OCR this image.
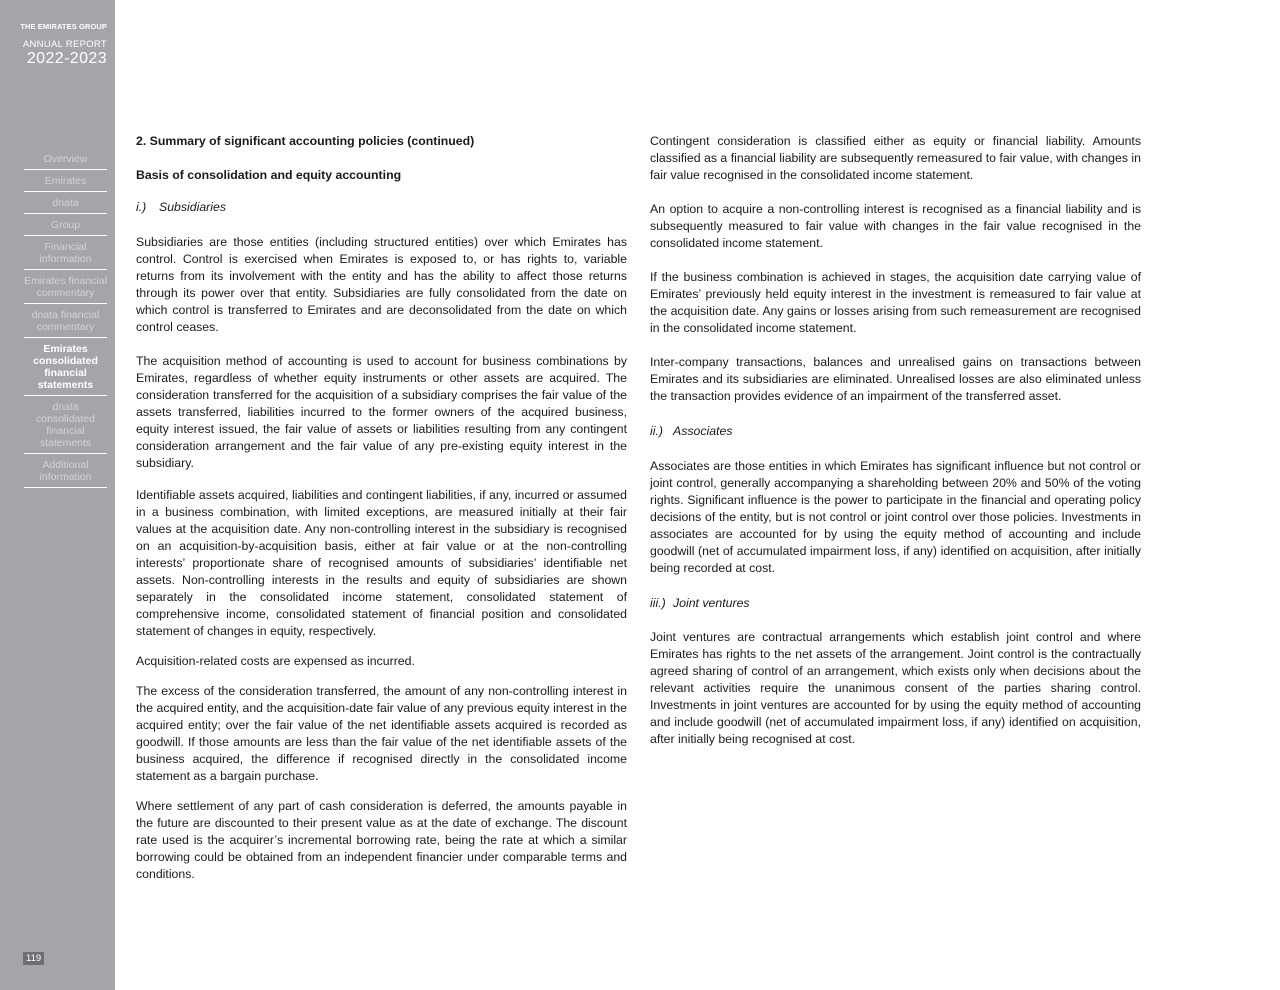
THE EMIRATES GROUP
ANNUAL REPORT
2022-2023
Overview
Emirates
dnata
Group
Financial information
Emirates financial commentary
dnata financial commentary
Emirates consolidated financial statements
dnata consolidated financial statements
Additional information
119

2. Summary of significant accounting policies (continued)

Basis of consolidation and equity accounting

i.) Subsidiaries

Subsidiaries are those entities (including structured entities) over which Emirates has control. Control is exercised when Emirates is exposed to, or has rights to, variable returns from its involvement with the entity and has the ability to affect those returns through its power over that entity. Subsidiaries are fully consolidated from the date on which control is transferred to Emirates and are deconsolidated from the date on which control ceases.

The acquisition method of accounting is used to account for business combinations by Emirates, regardless of whether equity instruments or other assets are acquired. The consideration transferred for the acquisition of a subsidiary comprises the fair value of the assets transferred, liabilities incurred to the former owners of the acquired business, equity interest issued, the fair value of assets or liabilities resulting from any contingent consideration arrangement and the fair value of any pre-existing equity interest in the subsidiary.

Identifiable assets acquired, liabilities and contingent liabilities, if any, incurred or assumed in a business combination, with limited exceptions, are measured initially at their fair values at the acquisition date. Any non-controlling interest in the subsidiary is recognised on an acquisition-by-acquisition basis, either at fair value or at the non-controlling interests’ proportionate share of recognised amounts of subsidiaries’ identifiable net assets. Non-controlling interests in the results and equity of subsidiaries are shown separately in the consolidated income statement, consolidated statement of comprehensive income, consolidated statement of financial position and consolidated statement of changes in equity, respectively.

Acquisition-related costs are expensed as incurred.

The excess of the consideration transferred, the amount of any non-controlling interest in the acquired entity, and the acquisition-date fair value of any previous equity interest in the acquired entity; over the fair value of the net identifiable assets acquired is recorded as goodwill. If those amounts are less than the fair value of the net identifiable assets of the business acquired, the difference if recognised directly in the consolidated income statement as a bargain purchase.

Where settlement of any part of cash consideration is deferred, the amounts payable in the future are discounted to their present value as at the date of exchange. The discount rate used is the acquirer’s incremental borrowing rate, being the rate at which a similar borrowing could be obtained from an independent financier under comparable terms and conditions.

Contingent consideration is classified either as equity or financial liability. Amounts classified as a financial liability are subsequently remeasured to fair value, with changes in fair value recognised in the consolidated income statement.

An option to acquire a non-controlling interest is recognised as a financial liability and is subsequently measured to fair value with changes in the fair value recognised in the consolidated income statement.

If the business combination is achieved in stages, the acquisition date carrying value of Emirates’ previously held equity interest in the investment is remeasured to fair value at the acquisition date. Any gains or losses arising from such remeasurement are recognised in the consolidated income statement.

Inter-company transactions, balances and unrealised gains on transactions between Emirates and its subsidiaries are eliminated. Unrealised losses are also eliminated unless the transaction provides evidence of an impairment of the transferred asset.

ii.) Associates

Associates are those entities in which Emirates has significant influence but not control or joint control, generally accompanying a shareholding between 20% and 50% of the voting rights. Significant influence is the power to participate in the financial and operating policy decisions of the entity, but is not control or joint control over those policies. Investments in associates are accounted for by using the equity method of accounting and include goodwill (net of accumulated impairment loss, if any) identified on acquisition, after initially being recorded at cost.

iii.) Joint ventures

Joint ventures are contractual arrangements which establish joint control and where Emirates has rights to the net assets of the arrangement. Joint control is the contractually agreed sharing of control of an arrangement, which exists only when decisions about the relevant activities require the unanimous consent of the parties sharing control. Investments in joint ventures are accounted for by using the equity method of accounting and include goodwill (net of accumulated impairment loss, if any) identified on acquisition, after initially being recognised at cost.
